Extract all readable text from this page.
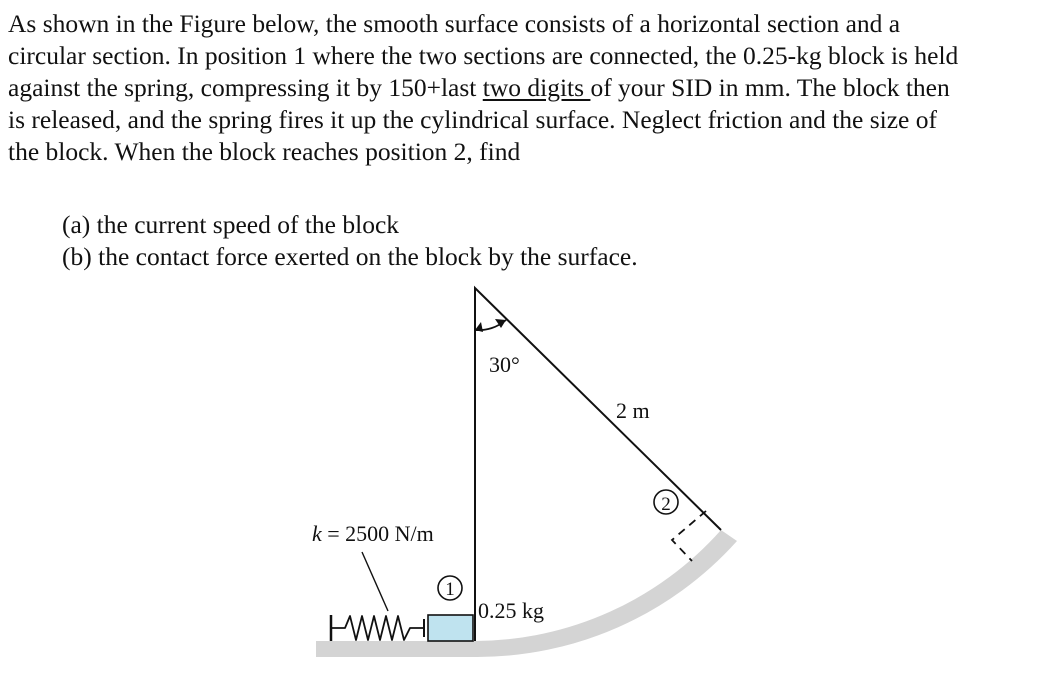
As shown in the Figure below, the smooth surface consists of a horizontal section and a
circular section. In position 1 where the two sections are connected, the 0.25-kg block is held
against the spring, compressing it by 150+last two digits of your SID in mm. The block then
is released, and the spring fires it up the cylindrical surface. Neglect friction and the size of
the block. When the block reaches position 2, find
(a) the current speed of the block
(b) the contact force exerted on the block by the surface.
30°
2 m
2
k = 2500 N/m
1
0.25 kg
